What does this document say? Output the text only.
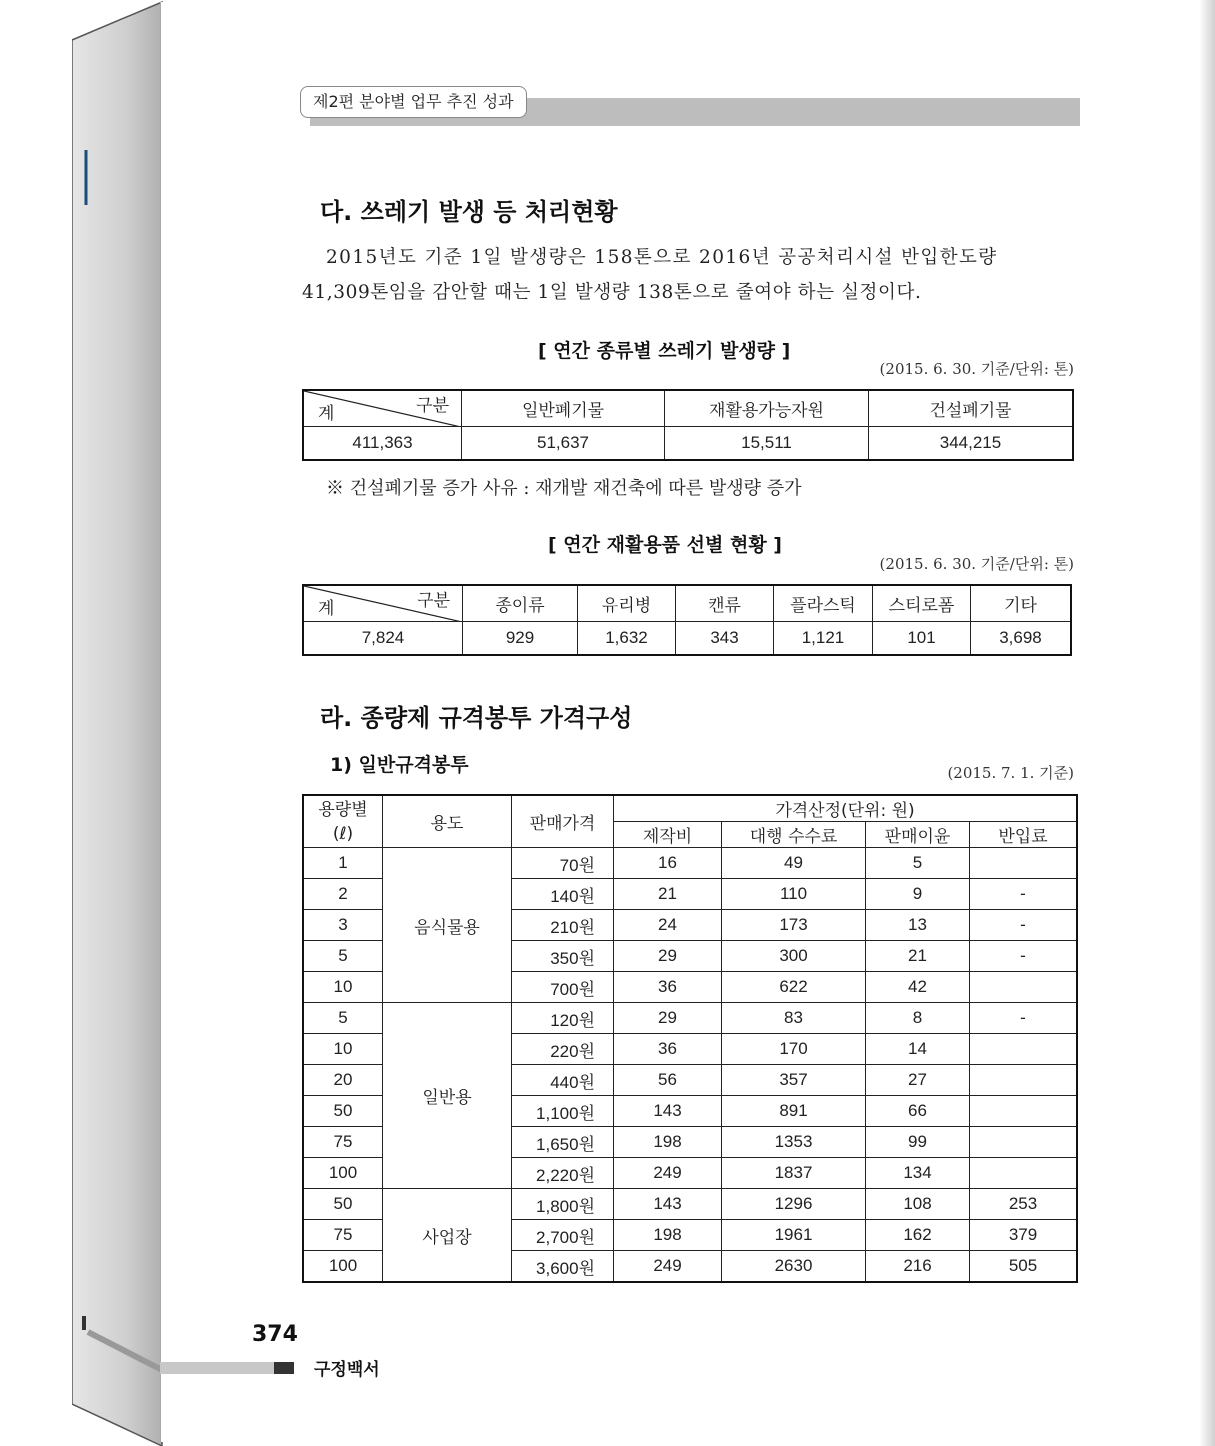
제2편 분야별 업무 추진 성과
다. 쓰레기 발생 등 처리현황
2015년도 기준 1일 발생량은 158톤으로 2016년 공공처리시설 반입한도량
41,309톤임을 감안할 때는 1일 발생량 138톤으로 줄여야 하는 실정이다.
[ 연간 종류별 쓰레기 발생량 ]
(2015. 6. 30. 기준/단위: 톤)
구분
계	일반폐기물	재활용가능자원	건설폐기물
411,363	51,637	15,511	344,215
※ 건설폐기물 증가 사유 : 재개발 재건축에 따른 발생량 증가
[ 연간 재활용품 선별 현황 ]
(2015. 6. 30. 기준/단위: 톤)
구분
계	종이류	유리병	캔류	플라스틱	스티로폼	기타
7,824	929	1,632	343	1,121	101	3,698
라. 종량제 규격봉투 가격구성
1) 일반규격봉투	(2015. 7. 1. 기준)
용량별
(ℓ)	용도	판매가격	가격산정(단위: 원)			
			제작비	대행 수수료	판매이윤	반입료
1	음식물용	70원	16	49	5	
2		140원	21	110	9	-
3		210원	24	173	13	-
5		350원	29	300	21	-
10		700원	36	622	42	
5	일반용	120원	29	83	8	-
10		220원	36	170	14	
20		440원	56	357	27	
50		1,100원	143	891	66	
75		1,650원	198	1353	99	
100		2,220원	249	1837	134	
50	사업장	1,800원	143	1296	108	253
75		2,700원	198	1961	162	379
100		3,600원	249	2630	216	505
374
구정백서
